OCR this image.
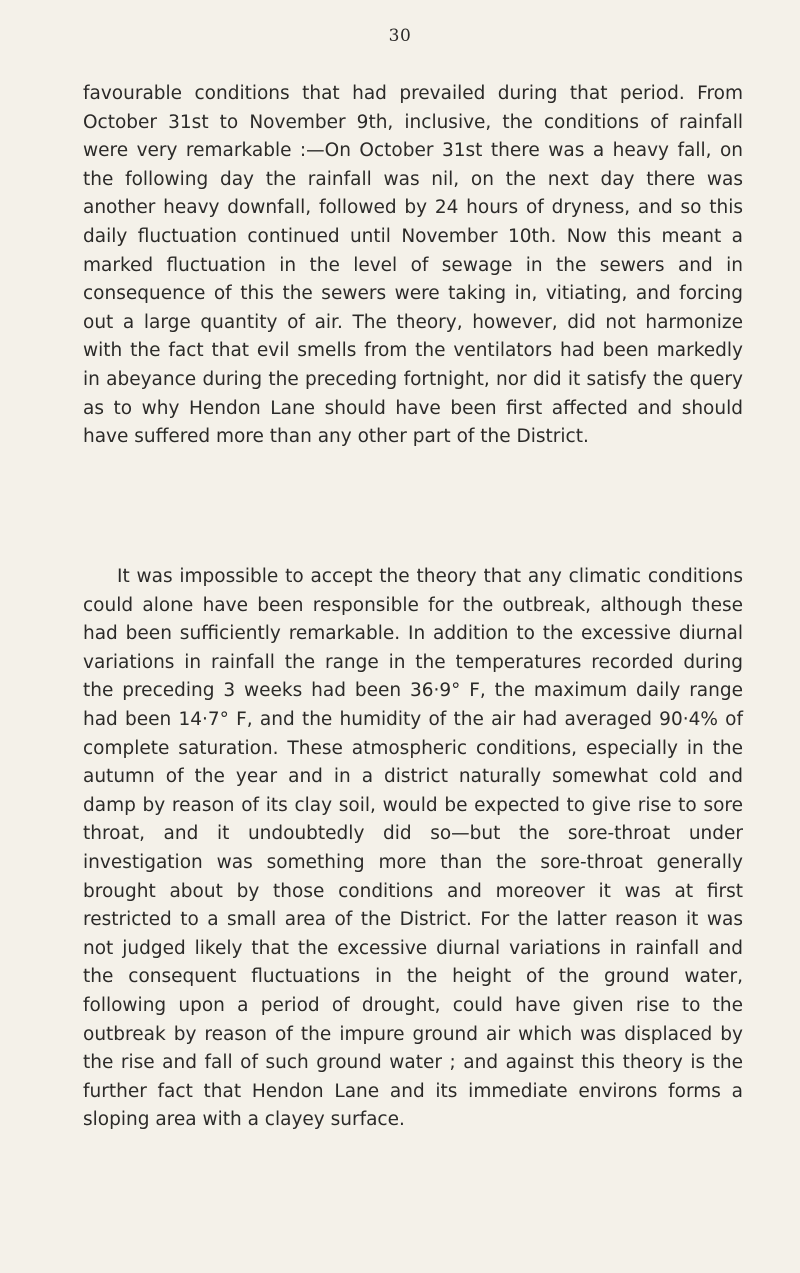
30

favourable conditions that had prevailed during that period. From October 31st to November 9th, inclusive, the conditions of rainfall were very remarkable :—On October 31st there was a heavy fall, on the following day the rainfall was nil, on the next day there was another heavy downfall, followed by 24 hours of dryness, and so this daily fluctuation continued until November 10th. Now this meant a marked fluctuation in the level of sewage in the sewers and in consequence of this the sewers were taking in, vitiating, and forcing out a large quantity of air. The theory, however, did not harmonize with the fact that evil smells from the ventilators had been markedly in abeyance during the preceding fortnight, nor did it satisfy the query as to why Hendon Lane should have been first affected and should have suffered more than any other part of the District.

It was impossible to accept the theory that any climatic conditions could alone have been responsible for the outbreak, although these had been sufficiently remarkable. In addition to the excessive diurnal variations in rainfall the range in the temperatures recorded during the preceding 3 weeks had been 36·9° F, the maximum daily range had been 14·7° F, and the humidity of the air had averaged 90·4% of complete saturation. These atmospheric conditions, especially in the autumn of the year and in a district naturally somewhat cold and damp by reason of its clay soil, would be expected to give rise to sore throat, and it undoubtedly did so—but the sore-throat under investigation was something more than the sore-throat generally brought about by those conditions and moreover it was at first restricted to a small area of the District. For the latter reason it was not judged likely that the excessive diurnal variations in rainfall and the consequent fluctuations in the height of the ground water, following upon a period of drought, could have given rise to the outbreak by reason of the impure ground air which was displaced by the rise and fall of such ground water ; and against this theory is the further fact that Hendon Lane and its immediate environs forms a sloping area with a clayey surface.
